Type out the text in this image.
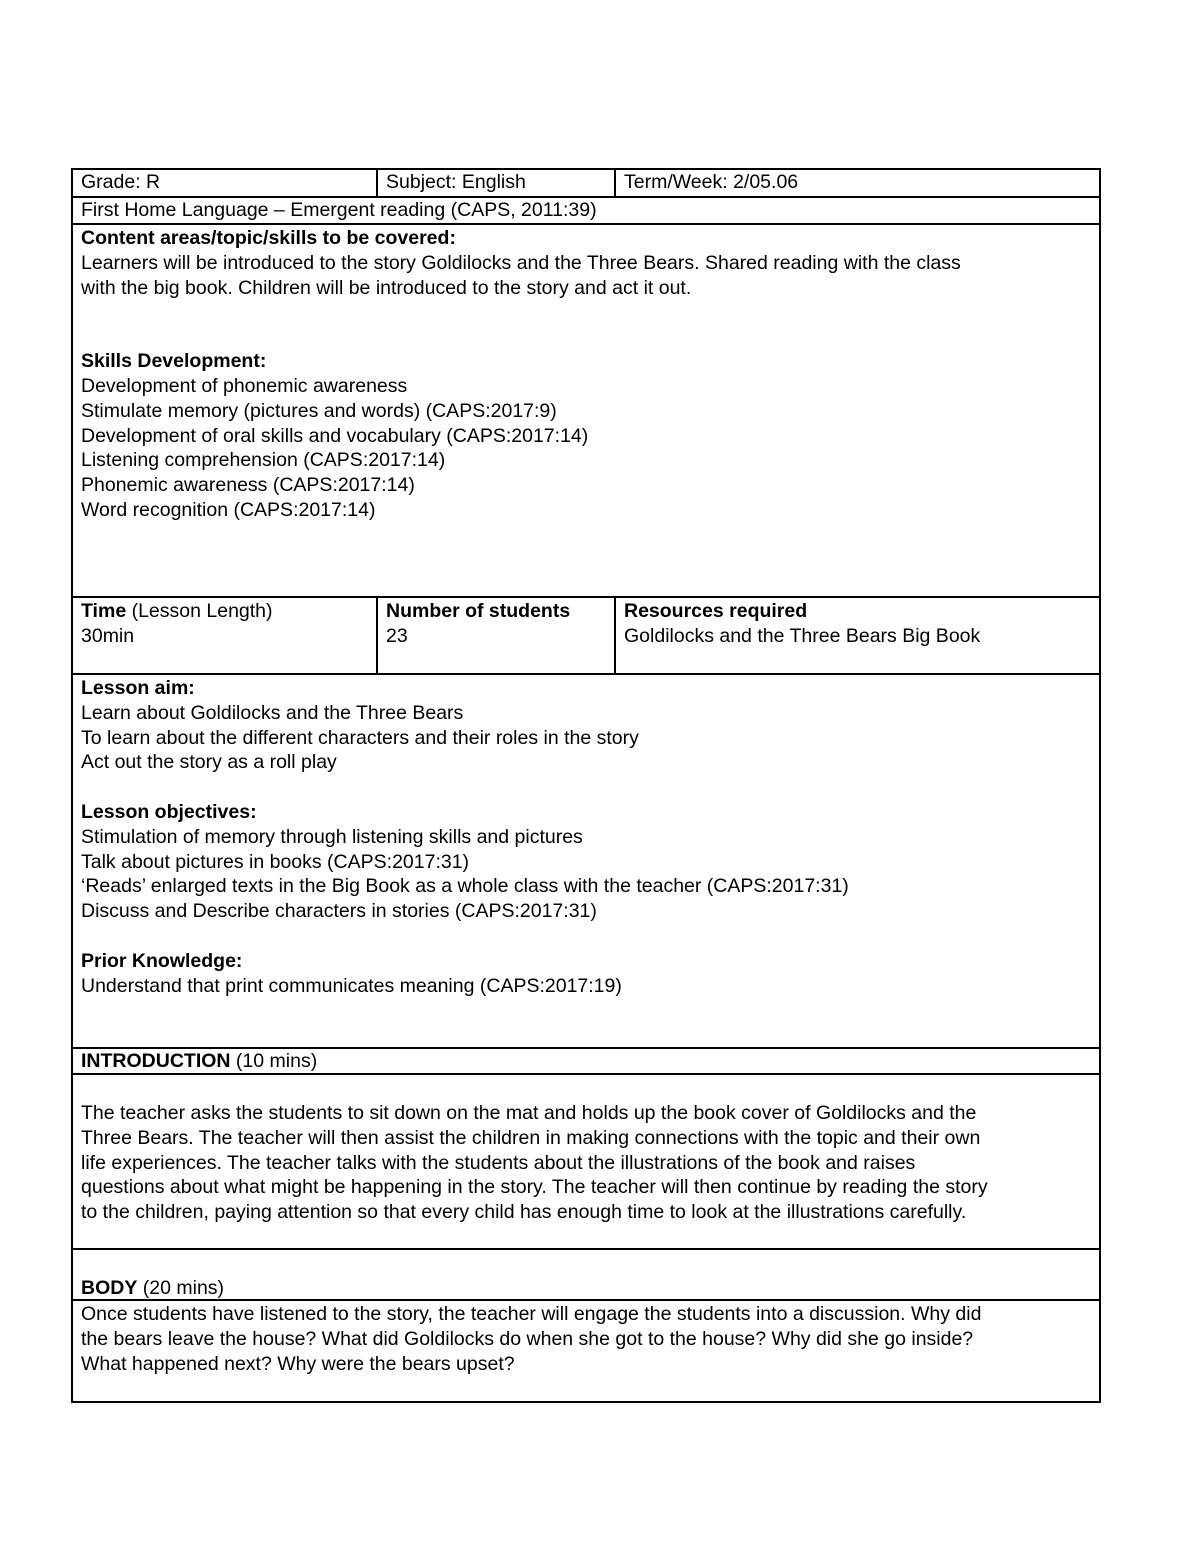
Grade: R	Subject: English	Term/Week: 2/05.06
First Home Language – Emergent reading (CAPS, 2011:39)
Content areas/topic/skills to be covered:
Learners will be introduced to the story Goldilocks and the Three Bears. Shared reading with the class
with the big book. Children will be introduced to the story and act it out.
Skills Development:
Development of phonemic awareness
Stimulate memory (pictures and words) (CAPS:2017:9)
Development of oral skills and vocabulary (CAPS:2017:14)
Listening comprehension (CAPS:2017:14)
Phonemic awareness (CAPS:2017:14)
Word recognition (CAPS:2017:14)
Time (Lesson Length)
30min
Number of students
23
Resources required
Goldilocks and the Three Bears Big Book
Lesson aim:
Learn about Goldilocks and the Three Bears
To learn about the different characters and their roles in the story
Act out the story as a roll play
Lesson objectives:
Stimulation of memory through listening skills and pictures
Talk about pictures in books (CAPS:2017:31)
‘Reads’ enlarged texts in the Big Book as a whole class with the teacher (CAPS:2017:31)
Discuss and Describe characters in stories (CAPS:2017:31)
Prior Knowledge:
Understand that print communicates meaning (CAPS:2017:19)
INTRODUCTION (10 mins)
The teacher asks the students to sit down on the mat and holds up the book cover of Goldilocks and the
Three Bears. The teacher will then assist the children in making connections with the topic and their own
life experiences. The teacher talks with the students about the illustrations of the book and raises
questions about what might be happening in the story. The teacher will then continue by reading the story
to the children, paying attention so that every child has enough time to look at the illustrations carefully.
BODY (20 mins)
Once students have listened to the story, the teacher will engage the students into a discussion. Why did
the bears leave the house? What did Goldilocks do when she got to the house? Why did she go inside?
What happened next? Why were the bears upset?
